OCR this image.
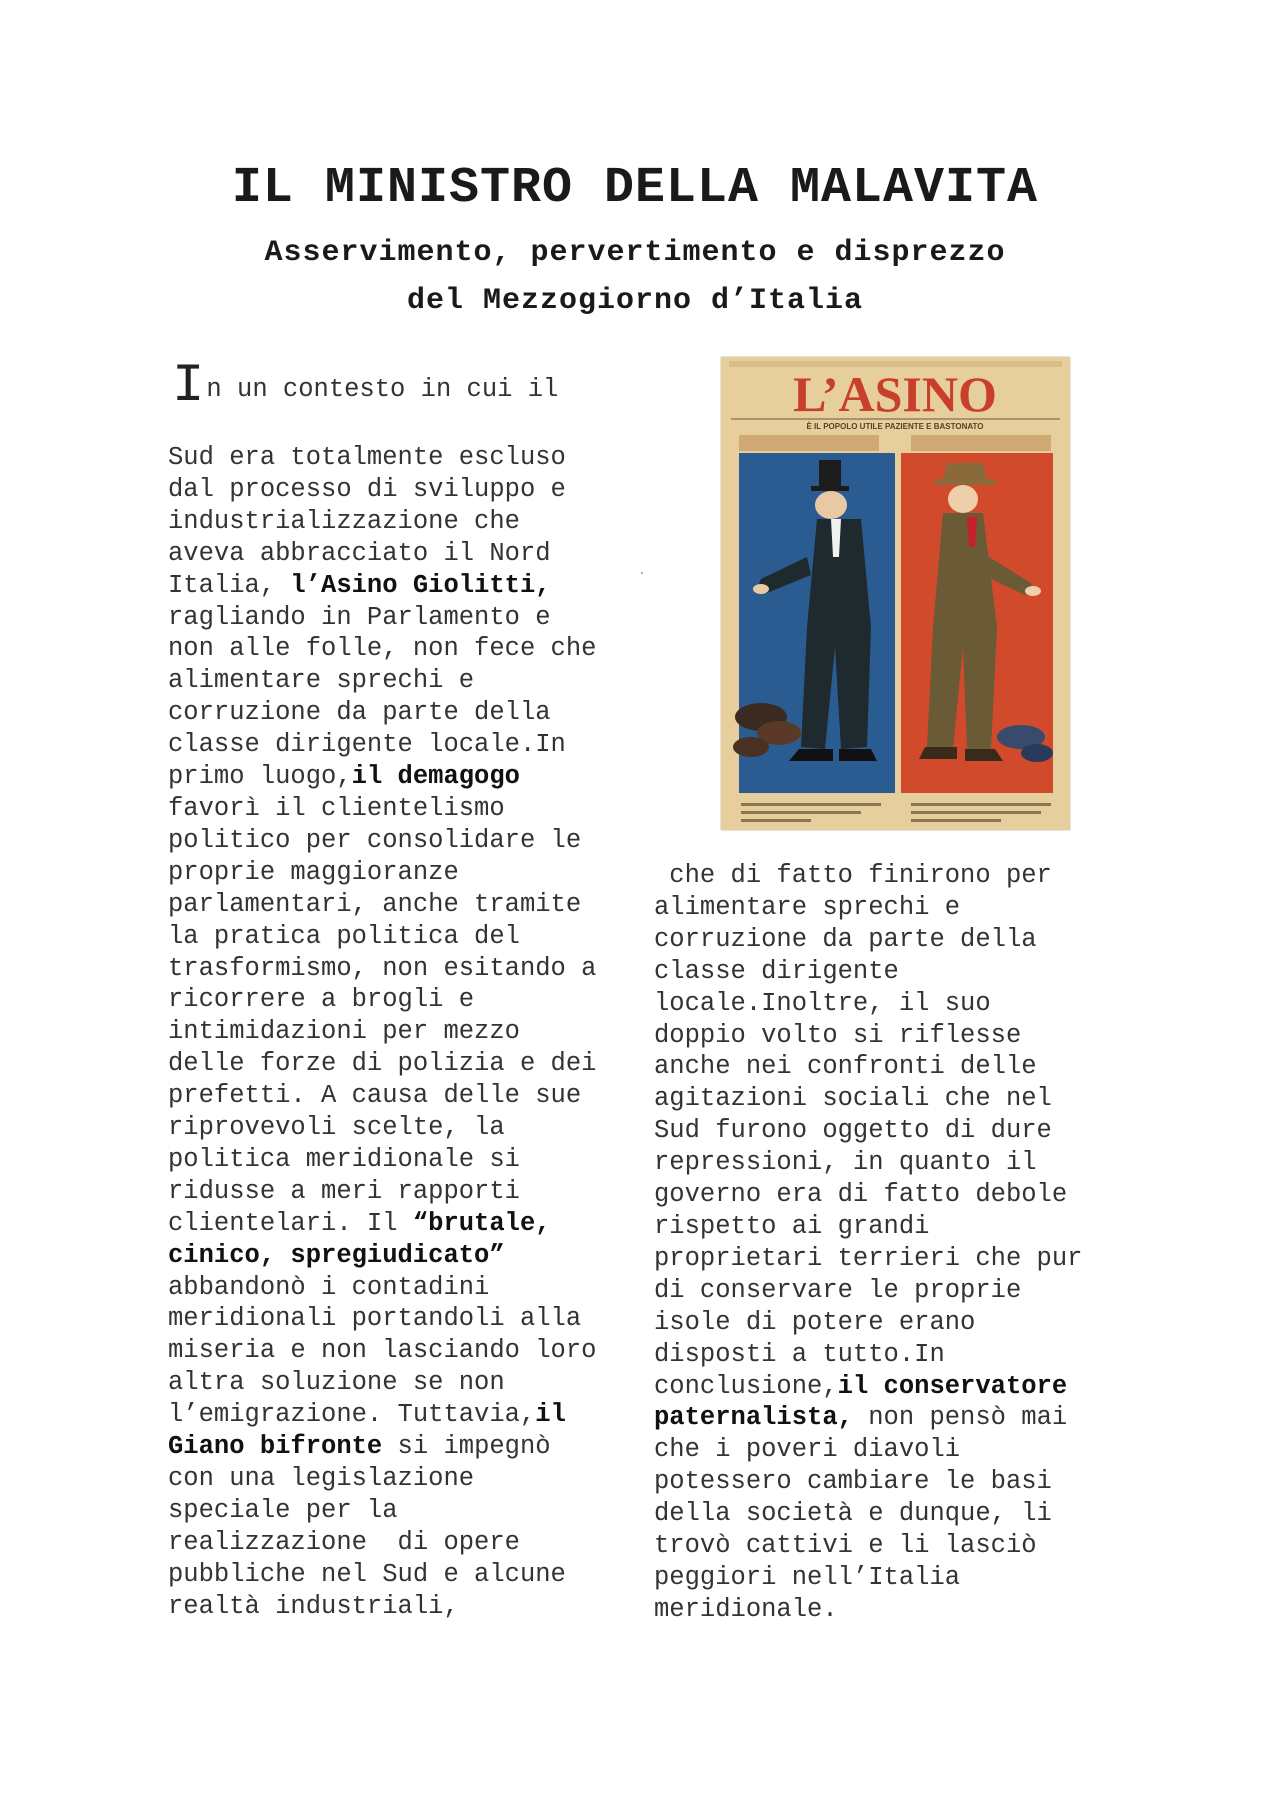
IL MINISTRO DELLA MALAVITA
Asservimento, pervertimento e disprezzo
del Mezzogiorno d’Italia
In un contesto in cui il
Sud era totalmente escluso
dal processo di sviluppo e
industrializzazione che
aveva abbracciato il Nord
Italia, l’Asino Giolitti,
ragliando in Parlamento e
non alle folle, non fece che
alimentare sprechi e
corruzione da parte della
classe dirigente locale.In
primo luogo,il demagogo
favorì il clientelismo
politico per consolidare le
proprie maggioranze
parlamentari, anche tramite
la pratica politica del
trasformismo, non esitando a
ricorrere a brogli e
intimidazioni per mezzo
delle forze di polizia e dei
prefetti. A causa delle sue
riprovevoli scelte, la
politica meridionale si
ridusse a meri rapporti
clientelari. Il “brutale,
cinico, spregiudicato”
abbandonò i contadini
meridionali portandoli alla
miseria e non lasciando loro
altra soluzione se non
l’emigrazione. Tuttavia,il
Giano bifronte si impegnò
con una legislazione
speciale per la
realizzazione  di opere
pubbliche nel Sud e alcune
realtà industriali,
L’ASINO
È IL POPOLO UTILE PAZIENTE E BASTONATO
che di fatto finirono per
alimentare sprechi e
corruzione da parte della
classe dirigente
locale.Inoltre, il suo
doppio volto si riflesse
anche nei confronti delle
agitazioni sociali che nel
Sud furono oggetto di dure
repressioni, in quanto il
governo era di fatto debole
rispetto ai grandi
proprietari terrieri che pur
di conservare le proprie
isole di potere erano
disposti a tutto.In
conclusione,il conservatore
paternalista, non pensò mai
che i poveri diavoli
potessero cambiare le basi
della società e dunque, li
trovò cattivi e li lasciò
peggiori nell’Italia
meridionale.
